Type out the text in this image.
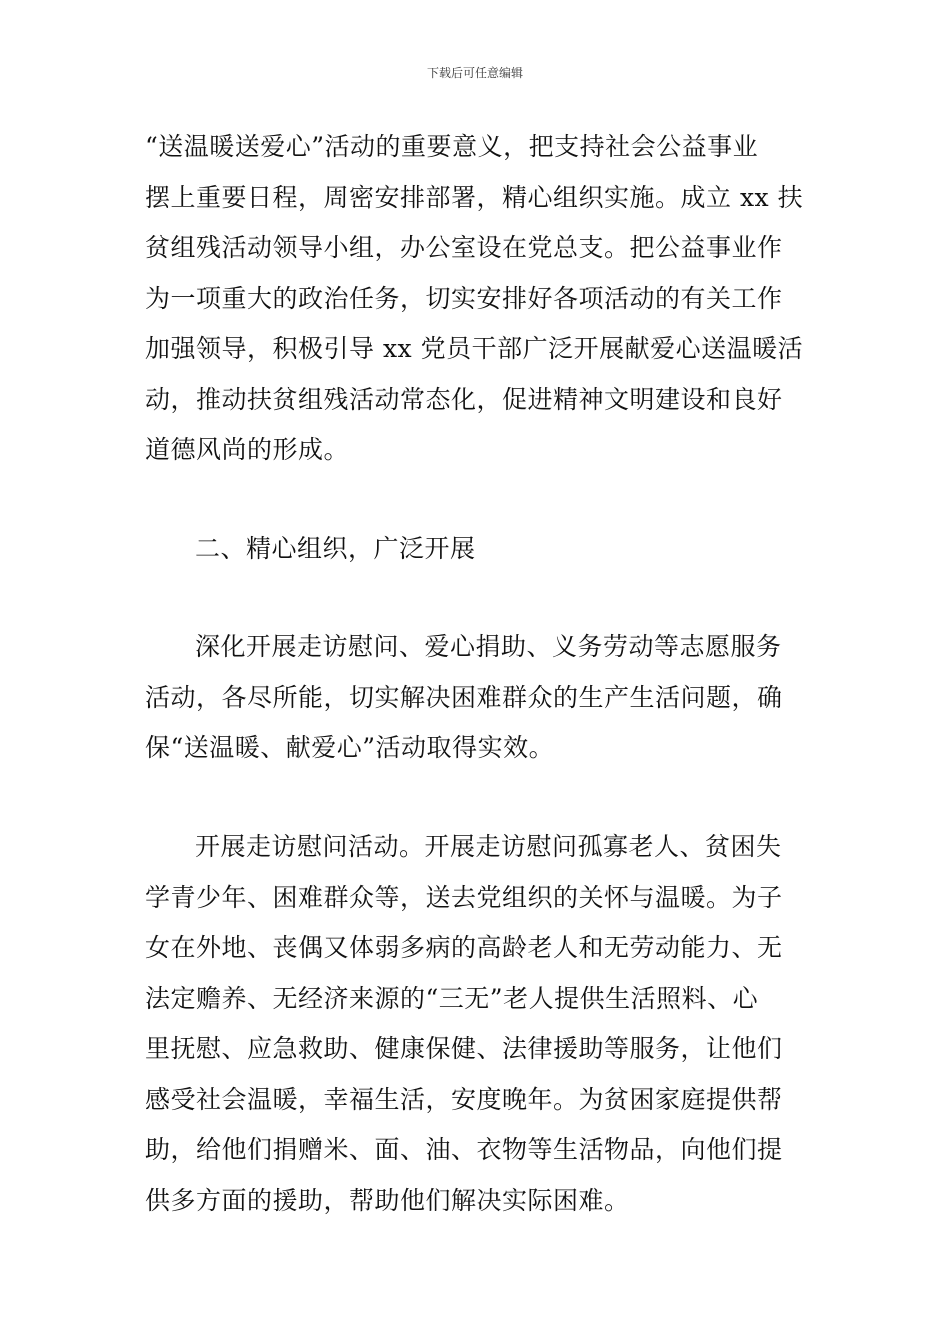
下载后可任意编辑
“送温暖送爱心”活动的重要意义，把支持社会公益事业
摆上重要日程，周密安排部署，精心组织实施。成立 xx 扶
贫组残活动领导小组，办公室设在党总支。把公益事业作
为一项重大的政治任务，切实安排好各项活动的有关工作
加强领导，积极引导 xx 党员干部广泛开展献爱心送温暖活
动，推动扶贫组残活动常态化，促进精神文明建设和良好
道德风尚的形成。
二、精心组织，广泛开展
深化开展走访慰问、爱心捐助、义务劳动等志愿服务
活动，各尽所能，切实解决困难群众的生产生活问题，确
保“送温暖、献爱心”活动取得实效。
开展走访慰问活动。开展走访慰问孤寡老人、贫困失
学青少年、困难群众等，送去党组织的关怀与温暖。为子
女在外地、丧偶又体弱多病的高龄老人和无劳动能力、无
法定赡养、无经济来源的“三无”老人提供生活照料、心
里抚慰、应急救助、健康保健、法律援助等服务，让他们
感受社会温暖，幸福生活，安度晚年。为贫困家庭提供帮
助，给他们捐赠米、面、油、衣物等生活物品，向他们提
供多方面的援助，帮助他们解决实际困难。
